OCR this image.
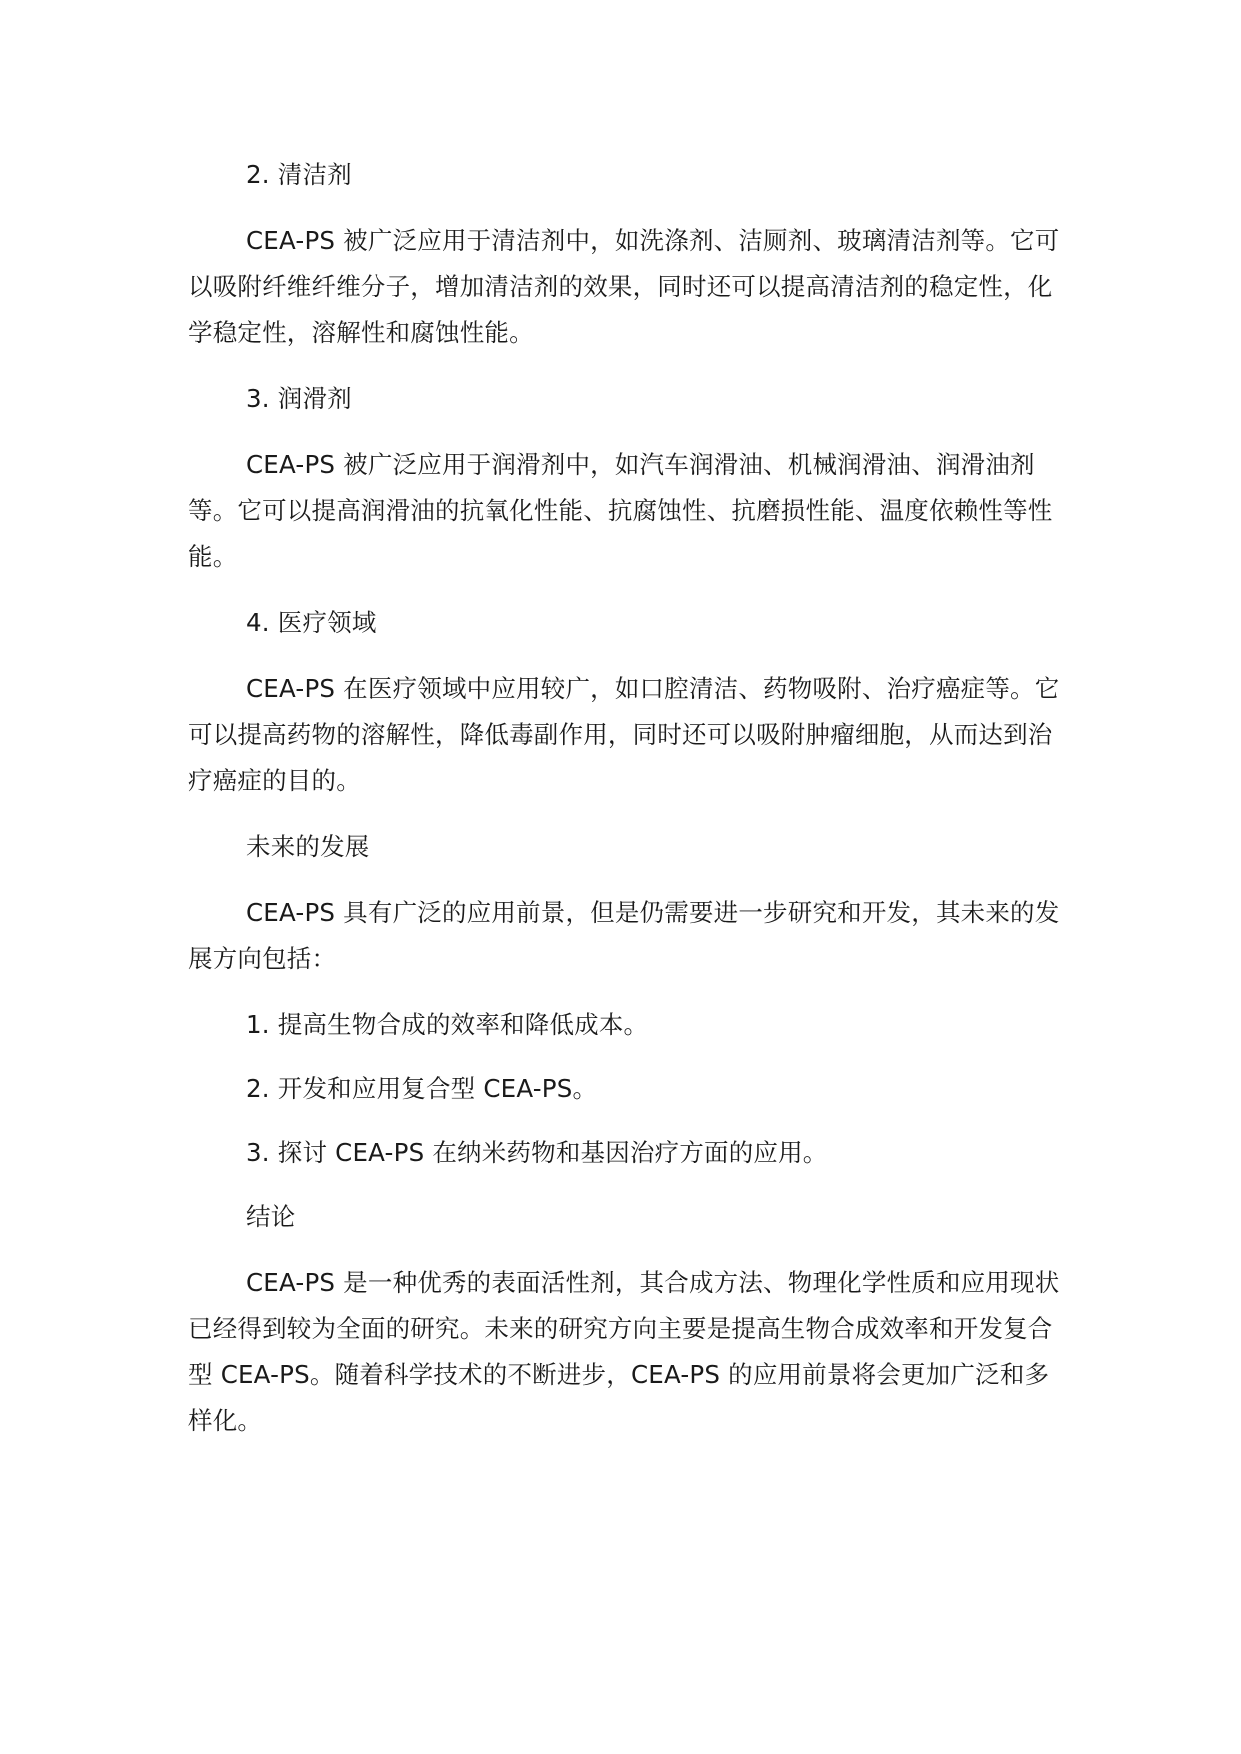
2. 清洁剂

CEA-PS 被广泛应用于清洁剂中，如洗涤剂、洁厕剂、玻璃清洁剂等。它可以吸附纤维纤维分子，增加清洁剂的效果，同时还可以提高清洁剂的稳定性，化学稳定性，溶解性和腐蚀性能。

3. 润滑剂

CEA-PS 被广泛应用于润滑剂中，如汽车润滑油、机械润滑油、润滑油剂等。它可以提高润滑油的抗氧化性能、抗腐蚀性、抗磨损性能、温度依赖性等性能。

4. 医疗领域

CEA-PS 在医疗领域中应用较广，如口腔清洁、药物吸附、治疗癌症等。它可以提高药物的溶解性，降低毒副作用，同时还可以吸附肿瘤细胞，从而达到治疗癌症的目的。

未来的发展

CEA-PS 具有广泛的应用前景，但是仍需要进一步研究和开发，其未来的发展方向包括：

1. 提高生物合成的效率和降低成本。

2. 开发和应用复合型 CEA-PS。

3. 探讨 CEA-PS 在纳米药物和基因治疗方面的应用。

结论

CEA-PS 是一种优秀的表面活性剂，其合成方法、物理化学性质和应用现状已经得到较为全面的研究。未来的研究方向主要是提高生物合成效率和开发复合型 CEA-PS。随着科学技术的不断进步，CEA-PS 的应用前景将会更加广泛和多样化。
